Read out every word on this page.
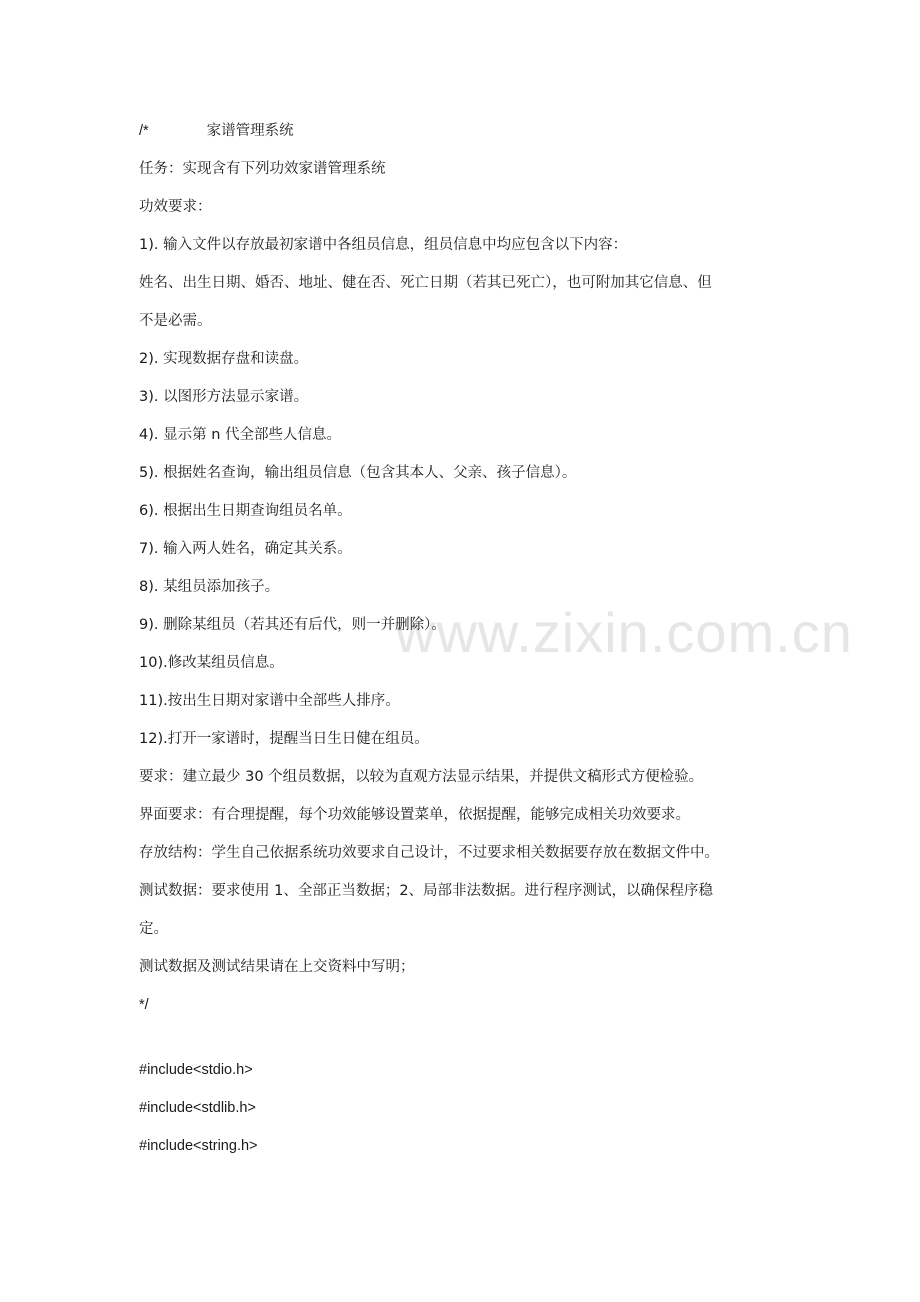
www.zixin.com.cn
/*	家谱管理系统
任务：实现含有下列功效家谱管理系统
功效要求：
1). 输入文件以存放最初家谱中各组员信息，组员信息中均应包含以下内容：
姓名、出生日期、婚否、地址、健在否、死亡日期（若其已死亡），也可附加其它信息、但
不是必需。
2). 实现数据存盘和读盘。
3). 以图形方法显示家谱。
4). 显示第 n 代全部些人信息。
5). 根据姓名查询，输出组员信息（包含其本人、父亲、孩子信息）。
6). 根据出生日期查询组员名单。
7). 输入两人姓名，确定其关系。
8). 某组员添加孩子。
9). 删除某组员（若其还有后代，则一并删除）。
10).修改某组员信息。
11).按出生日期对家谱中全部些人排序。
12).打开一家谱时，提醒当日生日健在组员。
要求：建立最少 30 个组员数据，以较为直观方法显示结果，并提供文稿形式方便检验。
界面要求：有合理提醒，每个功效能够设置菜单，依据提醒，能够完成相关功效要求。
存放结构：学生自己依据系统功效要求自己设计，不过要求相关数据要存放在数据文件中。
测试数据：要求使用 1、全部正当数据；2、局部非法数据。进行程序测试，以确保程序稳
定。
测试数据及测试结果请在上交资料中写明；
*/
#include<stdio.h>
#include<stdlib.h>
#include<string.h>
